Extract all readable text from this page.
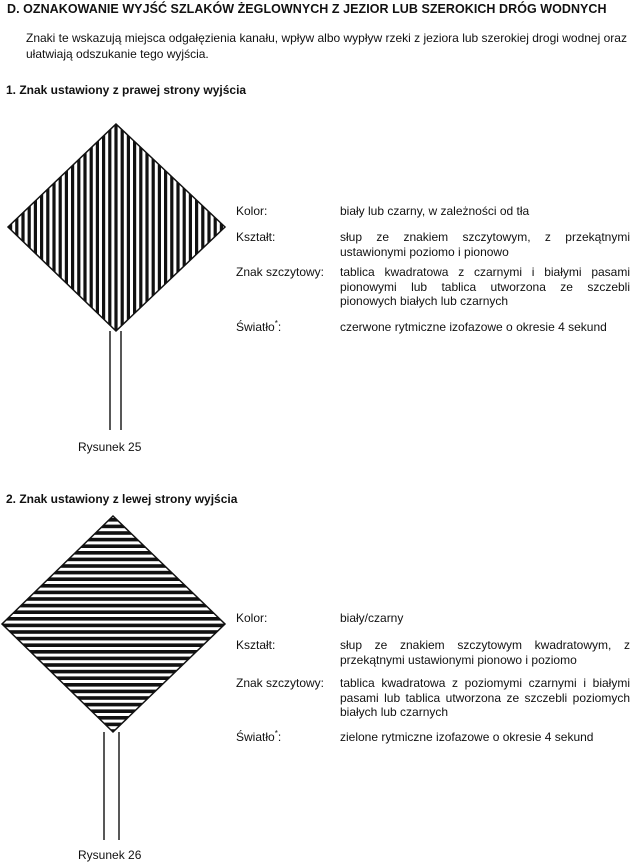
D. OZNAKOWANIE WYJŚĆ SZLAKÓW ŻEGLOWNYCH Z JEZIOR LUB SZEROKICH DRÓG WODNYCH
Znaki te wskazują miejsca odgałęzienia kanału, wpływ albo wypływ rzeki z jeziora lub szerokiej drogi wodnej oraz ułatwiają odszukanie tego wyjścia.
1. Znak ustawiony z prawej strony wyjścia
Rysunek 25
Kolor:	biały lub czarny, w zależności od tła
Kształt:	słup ze znakiem szczytowym, z przekątnymi ustawionymi poziomo i pionowo
Znak szczytowy: tablica kwadratowa z czarnymi i białymi pasami pionowymi lub tablica utworzona ze szczebli pionowych białych lub czarnych
Światło*:	czerwone rytmiczne izofazowe o okresie 4 sekund
2. Znak ustawiony z lewej strony wyjścia
Rysunek 26
Kolor:	biały/czarny
Kształt:	słup ze znakiem szczytowym kwadratowym, z przekątnymi ustawionymi pionowo i poziomo
Znak szczytowy: tablica kwadratowa z poziomymi czarnymi i białymi pasami lub tablica utworzona ze szczebli poziomych białych lub czarnych
Światło*:	zielone rytmiczne izofazowe o okresie 4 sekund
